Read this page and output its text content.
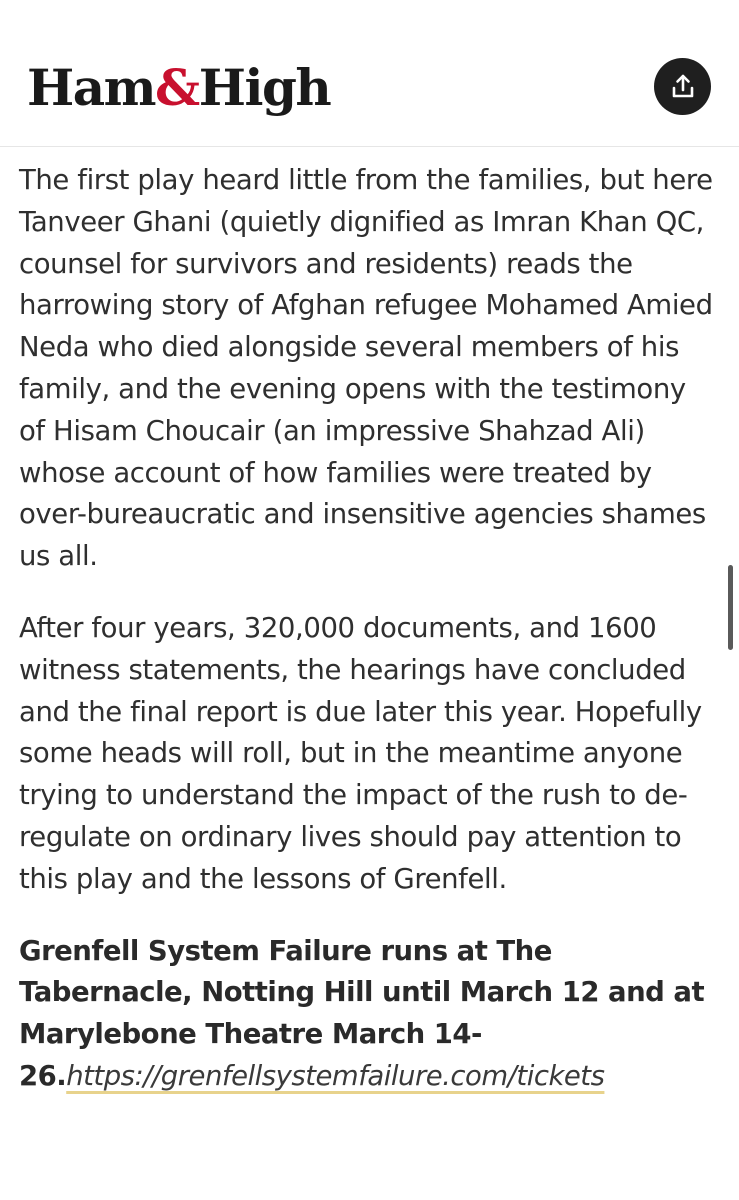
Ham&High

The first play heard little from the families, but here Tanveer Ghani (quietly dignified as Imran Khan QC, counsel for survivors and residents) reads the harrowing story of Afghan refugee Mohamed Amied Neda who died alongside several members of his family, and the evening opens with the testimony of Hisam Choucair (an impressive Shahzad Ali) whose account of how families were treated by over-bureaucratic and insensitive agencies shames us all.

After four years, 320,000 documents, and 1600 witness statements, the hearings have concluded and the final report is due later this year. Hopefully some heads will roll, but in the meantime anyone trying to understand the impact of the rush to de-regulate on ordinary lives should pay attention to this play and the lessons of Grenfell.

Grenfell System Failure runs at The Tabernacle, Notting Hill until March 12 and at Marylebone Theatre March 14-26.https://grenfellsystemfailure.com/tickets
